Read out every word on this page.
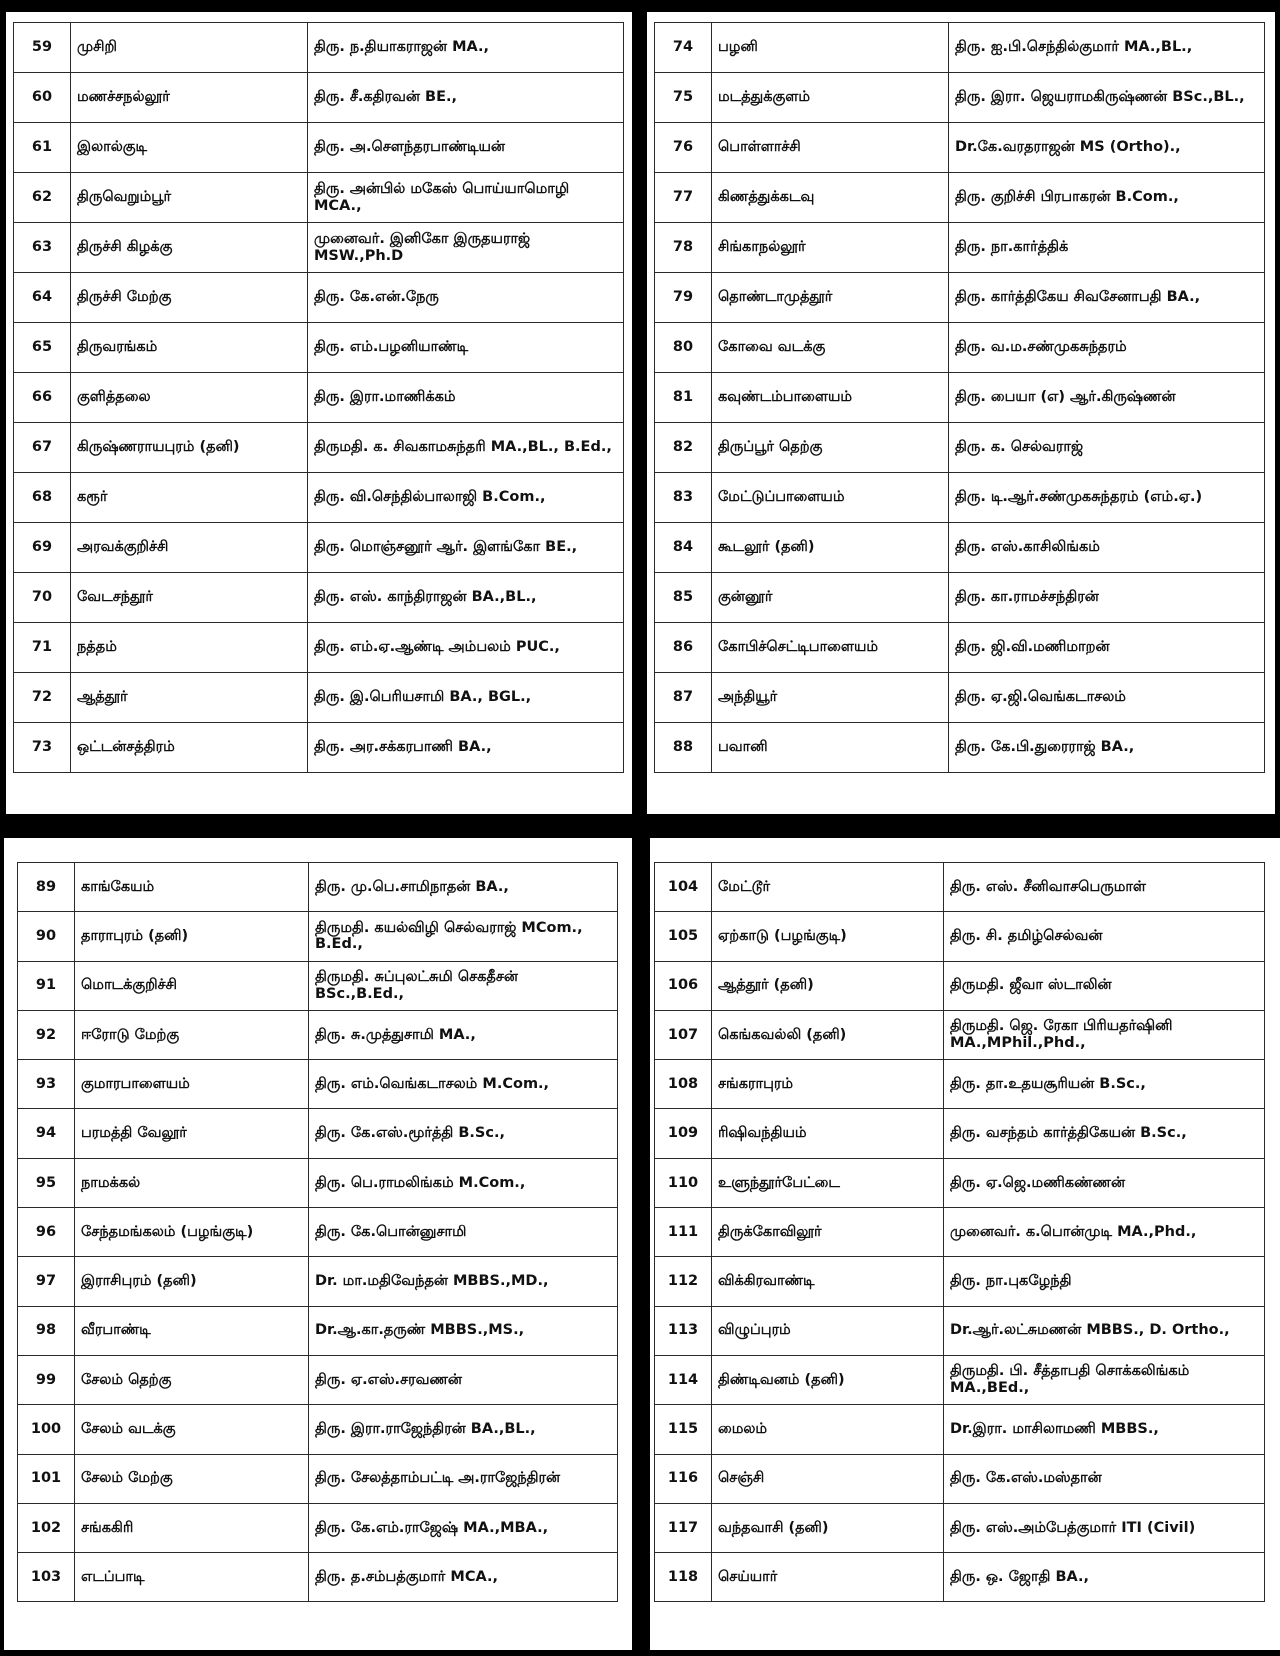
59	முசிறி	திரு. ந.தியாகராஜன் MA.,
60	மணச்சநல்லூர்	திரு. சீ.கதிரவன் BE.,
61	இலால்குடி	திரு. அ.சௌந்தரபாண்டியன்
62	திருவெறும்பூர்	திரு. அன்பில் மகேஸ் பொய்யாமொழி MCA.,
63	திருச்சி கிழக்கு	முனைவர். இனிகோ இருதயராஜ் MSW.,Ph.D
64	திருச்சி மேற்கு	திரு. கே.என்.நேரு
65	திருவரங்கம்	திரு. எம்.பழனியாண்டி
66	குளித்தலை	திரு. இரா.மாணிக்கம்
67	கிருஷ்ணராயபுரம் (தனி)	திருமதி. க. சிவகாமசுந்தரி MA.,BL., B.Ed.,
68	கரூர்	திரு. வி.செந்தில்பாலாஜி B.Com.,
69	அரவக்குறிச்சி	திரு. மொஞ்சனூர் ஆர். இளங்கோ BE.,
70	வேடசந்தூர்	திரு. எஸ். காந்திராஜன் BA.,BL.,
71	நத்தம்	திரு. எம்.ஏ.ஆண்டி அம்பலம் PUC.,
72	ஆத்தூர்	திரு. இ.பெரியசாமி BA., BGL.,
73	ஒட்டன்சத்திரம்	திரு. அர.சக்கரபாணி BA.,
74	பழனி	திரு. ஐ.பி.செந்தில்குமார் MA.,BL.,
75	மடத்துக்குளம்	திரு. இரா. ஜெயராமகிருஷ்ணன் BSc.,BL.,
76	பொள்ளாச்சி	Dr.கே.வரதராஜன் MS (Ortho).,
77	கிணத்துக்கடவு	திரு. குறிச்சி பிரபாகரன் B.Com.,
78	சிங்காநல்லூர்	திரு. நா.கார்த்திக்
79	தொண்டாமுத்தூர்	திரு. கார்த்திகேய சிவசேனாபதி BA.,
80	கோவை வடக்கு	திரு. வ.ம.சண்முகசுந்தரம்
81	கவுண்டம்பாளையம்	திரு. பையா (எ) ஆர்.கிருஷ்ணன்
82	திருப்பூர் தெற்கு	திரு. க. செல்வராஜ்
83	மேட்டுப்பாளையம்	திரு. டி.ஆர்.சண்முகசுந்தரம் (எம்.ஏ.)
84	கூடலூர் (தனி)	திரு. எஸ்.காசிலிங்கம்
85	குன்னூர்	திரு. கா.ராமச்சந்திரன்
86	கோபிச்செட்டிபாளையம்	திரு. ஜி.வி.மணிமாறன்
87	அந்தியூர்	திரு. ஏ.ஜி.வெங்கடாசலம்
88	பவானி	திரு. கே.பி.துரைராஜ் BA.,
89	காங்கேயம்	திரு. மு.பெ.சாமிநாதன் BA.,
90	தாராபுரம் (தனி)	திருமதி. கயல்விழி செல்வராஜ் MCom., B.Ed.,
91	மொடக்குறிச்சி	திருமதி. சுப்புலட்சுமி செகதீசன் BSc.,B.Ed.,
92	ஈரோடு மேற்கு	திரு. சு.முத்துசாமி MA.,
93	குமாரபாளையம்	திரு. எம்.வெங்கடாசலம் M.Com.,
94	பரமத்தி வேலூர்	திரு. கே.எஸ்.மூர்த்தி B.Sc.,
95	நாமக்கல்	திரு. பெ.ராமலிங்கம் M.Com.,
96	சேந்தமங்கலம் (பழங்குடி)	திரு. கே.பொன்னுசாமி
97	இராசிபுரம் (தனி)	Dr. மா.மதிவேந்தன் MBBS.,MD.,
98	வீரபாண்டி	Dr.ஆ.கா.தருண் MBBS.,MS.,
99	சேலம் தெற்கு	திரு. ஏ.எஸ்.சரவணன்
100	சேலம் வடக்கு	திரு. இரா.ராஜேந்திரன் BA.,BL.,
101	சேலம் மேற்கு	திரு. சேலத்தாம்பட்டி அ.ராஜேந்திரன்
102	சங்ககிரி	திரு. கே.எம்.ராஜேஷ் MA.,MBA.,
103	எடப்பாடி	திரு. த.சம்பத்குமார் MCA.,
104	மேட்டூர்	திரு. எஸ். சீனிவாசபெருமாள்
105	ஏற்காடு (பழங்குடி)	திரு. சி. தமிழ்செல்வன்
106	ஆத்தூர் (தனி)	திருமதி. ஜீவா ஸ்டாலின்
107	கெங்கவல்லி (தனி)	திருமதி. ஜெ. ரேகா பிரியதர்ஷினி MA.,MPhil.,Phd.,
108	சங்கராபுரம்	திரு. தா.உதயசூரியன் B.Sc.,
109	ரிஷிவந்தியம்	திரு. வசந்தம் கார்த்திகேயன் B.Sc.,
110	உளுந்தூர்பேட்டை	திரு. ஏ.ஜெ.மணிகண்ணன்
111	திருக்கோவிலூர்	முனைவர். க.பொன்முடி MA.,Phd.,
112	விக்கிரவாண்டி	திரு. நா.புகழேந்தி
113	விழுப்புரம்	Dr.ஆர்.லட்சுமணன் MBBS., D. Ortho.,
114	திண்டிவனம் (தனி)	திருமதி. பி. சீத்தாபதி சொக்கலிங்கம் MA.,BEd.,
115	மைலம்	Dr.இரா. மாசிலாமணி MBBS.,
116	செஞ்சி	திரு. கே.எஸ்.மஸ்தான்
117	வந்தவாசி (தனி)	திரு. எஸ்.அம்பேத்குமார் ITI (Civil)
118	செய்யார்	திரு. ஒ. ஜோதி BA.,
